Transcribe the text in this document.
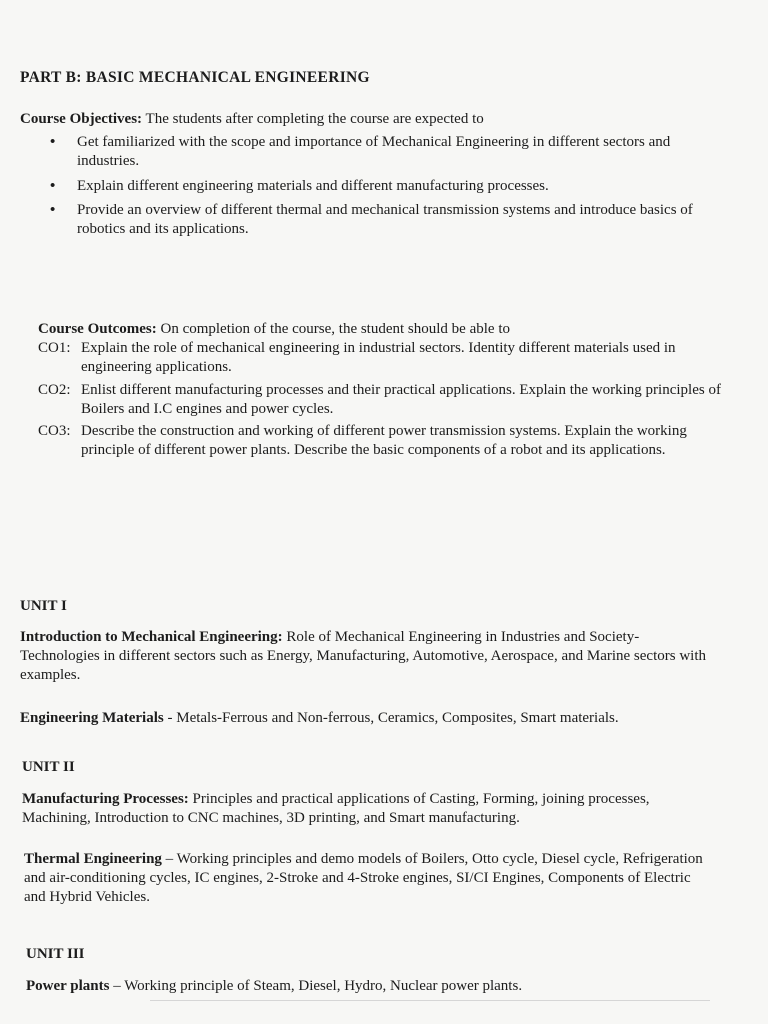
PART B: BASIC MECHANICAL ENGINEERING
Course Objectives: The students after completing the course are expected to
• Get familiarized with the scope and importance of Mechanical Engineering in different sectors and industries.
• Explain different engineering materials and different manufacturing processes.
• Provide an overview of different thermal and mechanical transmission systems and introduce basics of robotics and its applications.
Course Outcomes: On completion of the course, the student should be able to
CO1: Explain the role of mechanical engineering in industrial sectors. Identity different materials used in engineering applications.
CO2: Enlist different manufacturing processes and their practical applications. Explain the working principles of Boilers and I.C engines and power cycles.
CO3: Describe the construction and working of different power transmission systems. Explain the working principle of different power plants. Describe the basic components of a robot and its applications.
UNIT I

Introduction to Mechanical Engineering: Role of Mechanical Engineering in Industries and Society- Technologies in different sectors such as Energy, Manufacturing, Automotive, Aerospace, and Marine sectors with examples.

Engineering Materials - Metals-Ferrous and Non-ferrous, Ceramics, Composites, Smart materials.

UNIT II

Manufacturing Processes: Principles and practical applications of Casting, Forming, joining processes, Machining, Introduction to CNC machines, 3D printing, and Smart manufacturing.

Thermal Engineering – Working principles and demo models of Boilers, Otto cycle, Diesel cycle, Refrigeration and air-conditioning cycles, IC engines, 2-Stroke and 4-Stroke engines, SI/CI Engines, Components of Electric and Hybrid Vehicles.

UNIT III

Power plants – Working principle of Steam, Diesel, Hydro, Nuclear power plants.
